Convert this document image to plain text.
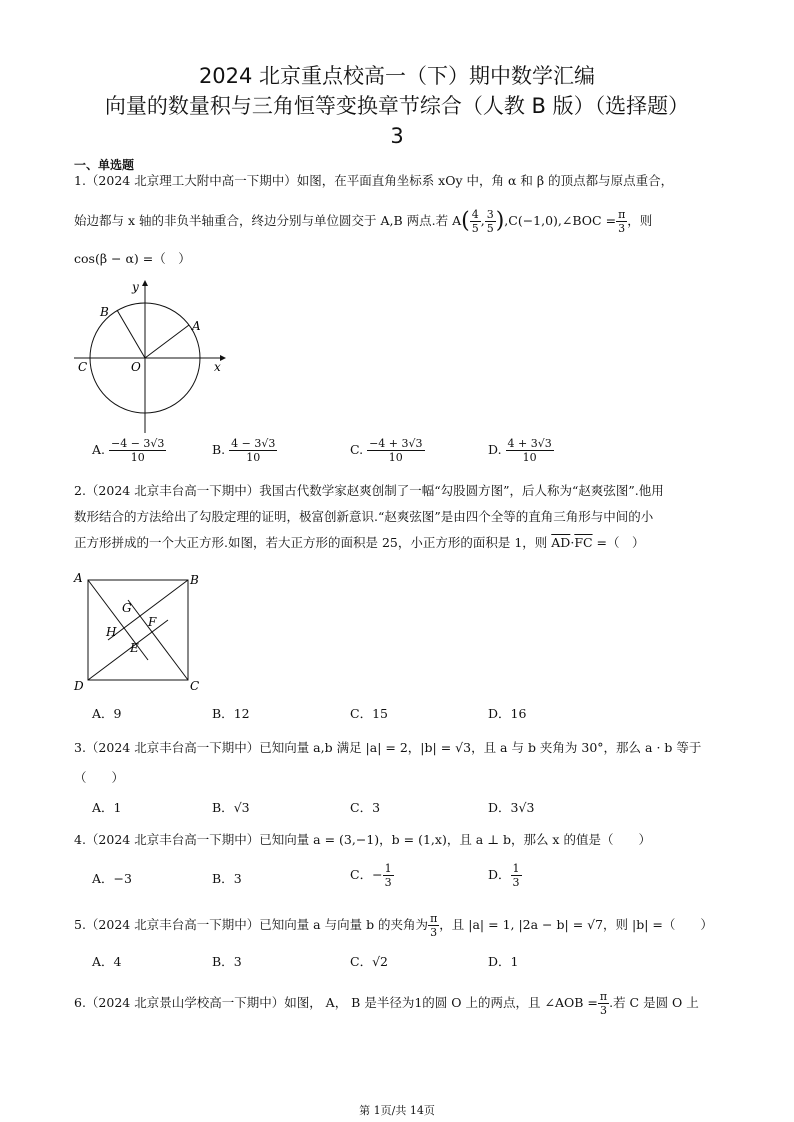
2024 北京重点校高一（下）期中数学汇编
向量的数量积与三角恒等变换章节综合（人教 B 版）（选择题）
3
一、单选题
1.（2024 北京理工大附中高一下期中）如图，在平面直角坐标系 xOy 中，角 α 和 β 的顶点都与原点重合，
始边都与 x 轴的非负半轴重合，终边分别与单位圆交于 A,B 两点.若 $A( \frac{4}{5}$ , $\frac{3}{5}$ ),C(−1,0),∠BOC = $\frac{\pi}{3}$ ，则
cos(β − α) =（　）
y
B
A
C	O	x
A. $\frac{-4 - 3√3}{10}$	B. $\frac{4 - 3√3}{10}$	C. $\frac{-4 + 3√3}{10}$	D. $\frac{4 + 3√3}{10}$
2.（2024 北京丰台高一下期中）我国古代数学家赵爽创制了一幅“勾股圆方图”，后人称为“赵爽弦图”.他用
数形结合的方法给出了勾股定理的证明，极富创新意识.“赵爽弦图”是由四个全等的直角三角形与中间的小
正方形拼成的一个大正方形.如图，若大正方形的面积是 25，小正方形的面积是 1，则 $\overline{AD}\cdot\overline{FC}$ =（　）
A	B
C
D
G
H
F
E
A．9	B．12	C．15	D．16
3.（2024 北京丰台高一下期中）已知向量 a,b 满足 |a| = 2，|b| = √3，且 a 与 b 夹角为 30°，那么 a · b 等于
（　　）
A．1	B．√3	C．3	D．3√3
4.（2024 北京丰台高一下期中）已知向量 a = (3,−1)，b = (1,x)，且 a ⊥ b，那么 x 的值是（　　）
A．−3	B．3	C．− $\frac{1}{3}$	D． $\frac{1}{3}$
5.（2024 北京丰台高一下期中）已知向量 a 与向量 b 的夹角为 $\frac{\pi}{3}$ ，且 |a| = 1, |2a − b| = √7，则 |b| =（　　）
A．4	B．3	C．√2	D．1
6.（2024 北京景山学校高一下期中）如图， A， B 是半径为1的圆 O 上的两点，且 ∠AOB = $\frac{\pi}{3}$ .若 C 是圆 O 上
第 1页/共 14页
